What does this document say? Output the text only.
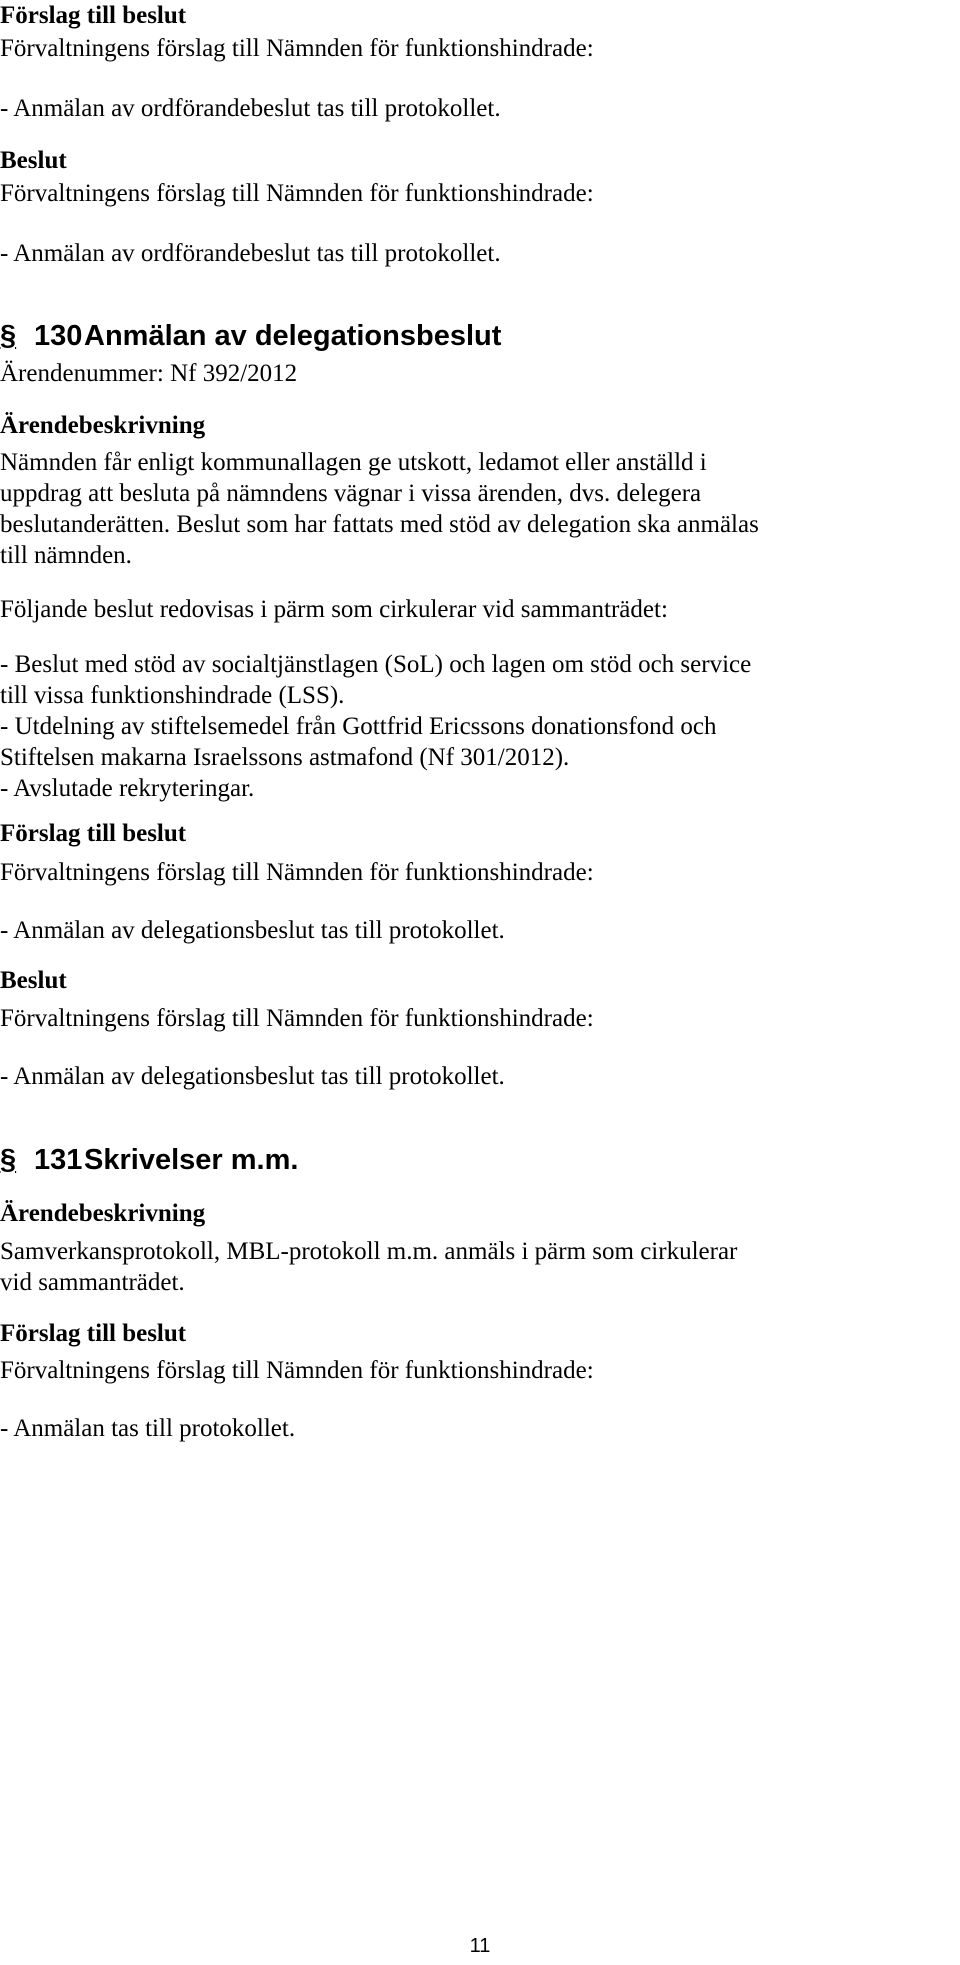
Förslag till beslut
Förvaltningens förslag till Nämnden för funktionshindrade:
- Anmälan av ordförandebeslut tas till protokollet.
Beslut
Förvaltningens förslag till Nämnden för funktionshindrade:
- Anmälan av ordförandebeslut tas till protokollet.
§ 130Anmälan av delegationsbeslut
Ärendenummer: Nf 392/2012
Ärendebeskrivning
Nämnden får enligt kommunallagen ge utskott, ledamot eller anställd i
uppdrag att besluta på nämndens vägnar i vissa ärenden, dvs. delegera
beslutanderätten. Beslut som har fattats med stöd av delegation ska anmälas
till nämnden.
Följande beslut redovisas i pärm som cirkulerar vid sammanträdet:
- Beslut med stöd av socialtjänstlagen (SoL) och lagen om stöd och service
till vissa funktionshindrade (LSS).
- Utdelning av stiftelsemedel från Gottfrid Ericssons donationsfond och
Stiftelsen makarna Israelssons astmafond (Nf 301/2012).
- Avslutade rekryteringar.
Förslag till beslut
Förvaltningens förslag till Nämnden för funktionshindrade:
- Anmälan av delegationsbeslut tas till protokollet.
Beslut
Förvaltningens förslag till Nämnden för funktionshindrade:
- Anmälan av delegationsbeslut tas till protokollet.
§ 131Skrivelser m.m.
Ärendebeskrivning
Samverkansprotokoll, MBL-protokoll m.m. anmäls i pärm som cirkulerar
vid sammanträdet.
Förslag till beslut
Förvaltningens förslag till Nämnden för funktionshindrade:
- Anmälan tas till protokollet.
11
